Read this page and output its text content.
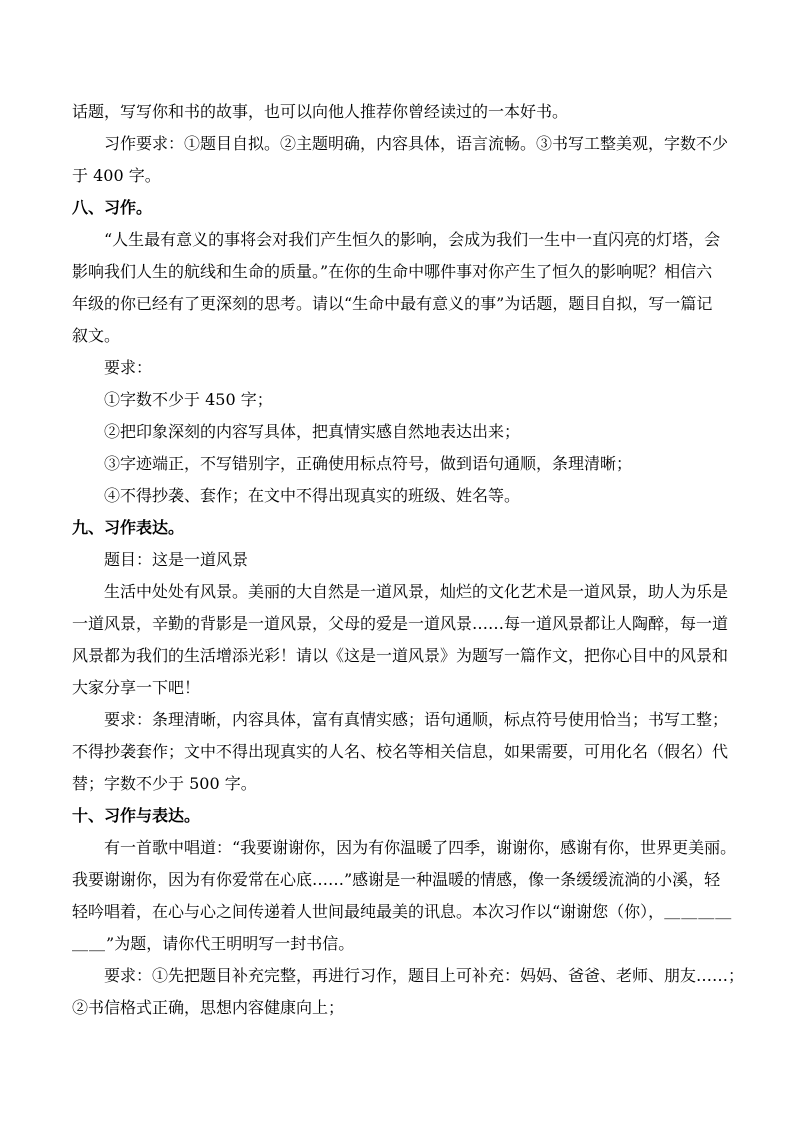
话题，写写你和书的故事，也可以向他人推荐你曾经读过的一本好书。
习作要求：①题目自拟。②主题明确，内容具体，语言流畅。③书写工整美观，字数不少
于 400 字。
八、习作。
“人生最有意义的事将会对我们产生恒久的影响，会成为我们一生中一直闪亮的灯塔，会
影响我们人生的航线和生命的质量。”在你的生命中哪件事对你产生了恒久的影响呢？相信六
年级的你已经有了更深刻的思考。请以“生命中最有意义的事”为话题，题目自拟，写一篇记
叙文。
要求：
①字数不少于 450 字；
②把印象深刻的内容写具体，把真情实感自然地表达出来；
③字迹端正，不写错别字，正确使用标点符号，做到语句通顺，条理清晰；
④不得抄袭、套作；在文中不得出现真实的班级、姓名等。
九、习作表达。
题目：这是一道风景
生活中处处有风景。美丽的大自然是一道风景，灿烂的文化艺术是一道风景，助人为乐是
一道风景，辛勤的背影是一道风景，父母的爱是一道风景……每一道风景都让人陶醉，每一道
风景都为我们的生活增添光彩！请以《这是一道风景》为题写一篇作文，把你心目中的风景和
大家分享一下吧！
要求：条理清晰，内容具体，富有真情实感；语句通顺，标点符号使用恰当；书写工整；
不得抄袭套作；文中不得出现真实的人名、校名等相关信息，如果需要，可用化名（假名）代
替；字数不少于 500 字。
十、习作与表达。
有一首歌中唱道：“我要谢谢你，因为有你温暖了四季，谢谢你，感谢有你，世界更美丽。
我要谢谢你，因为有你爱常在心底……”感谢是一种温暖的情感，像一条缓缓流淌的小溪，轻
轻吟唱着，在心与心之间传递着人世间最纯最美的讯息。本次习作以“谢谢您（你），＿＿＿＿
＿＿”为题，请你代王明明写一封书信。
要求：①先把题目补充完整，再进行习作，题目上可补充：妈妈、爸爸、老师、朋友……；
②书信格式正确，思想内容健康向上；
